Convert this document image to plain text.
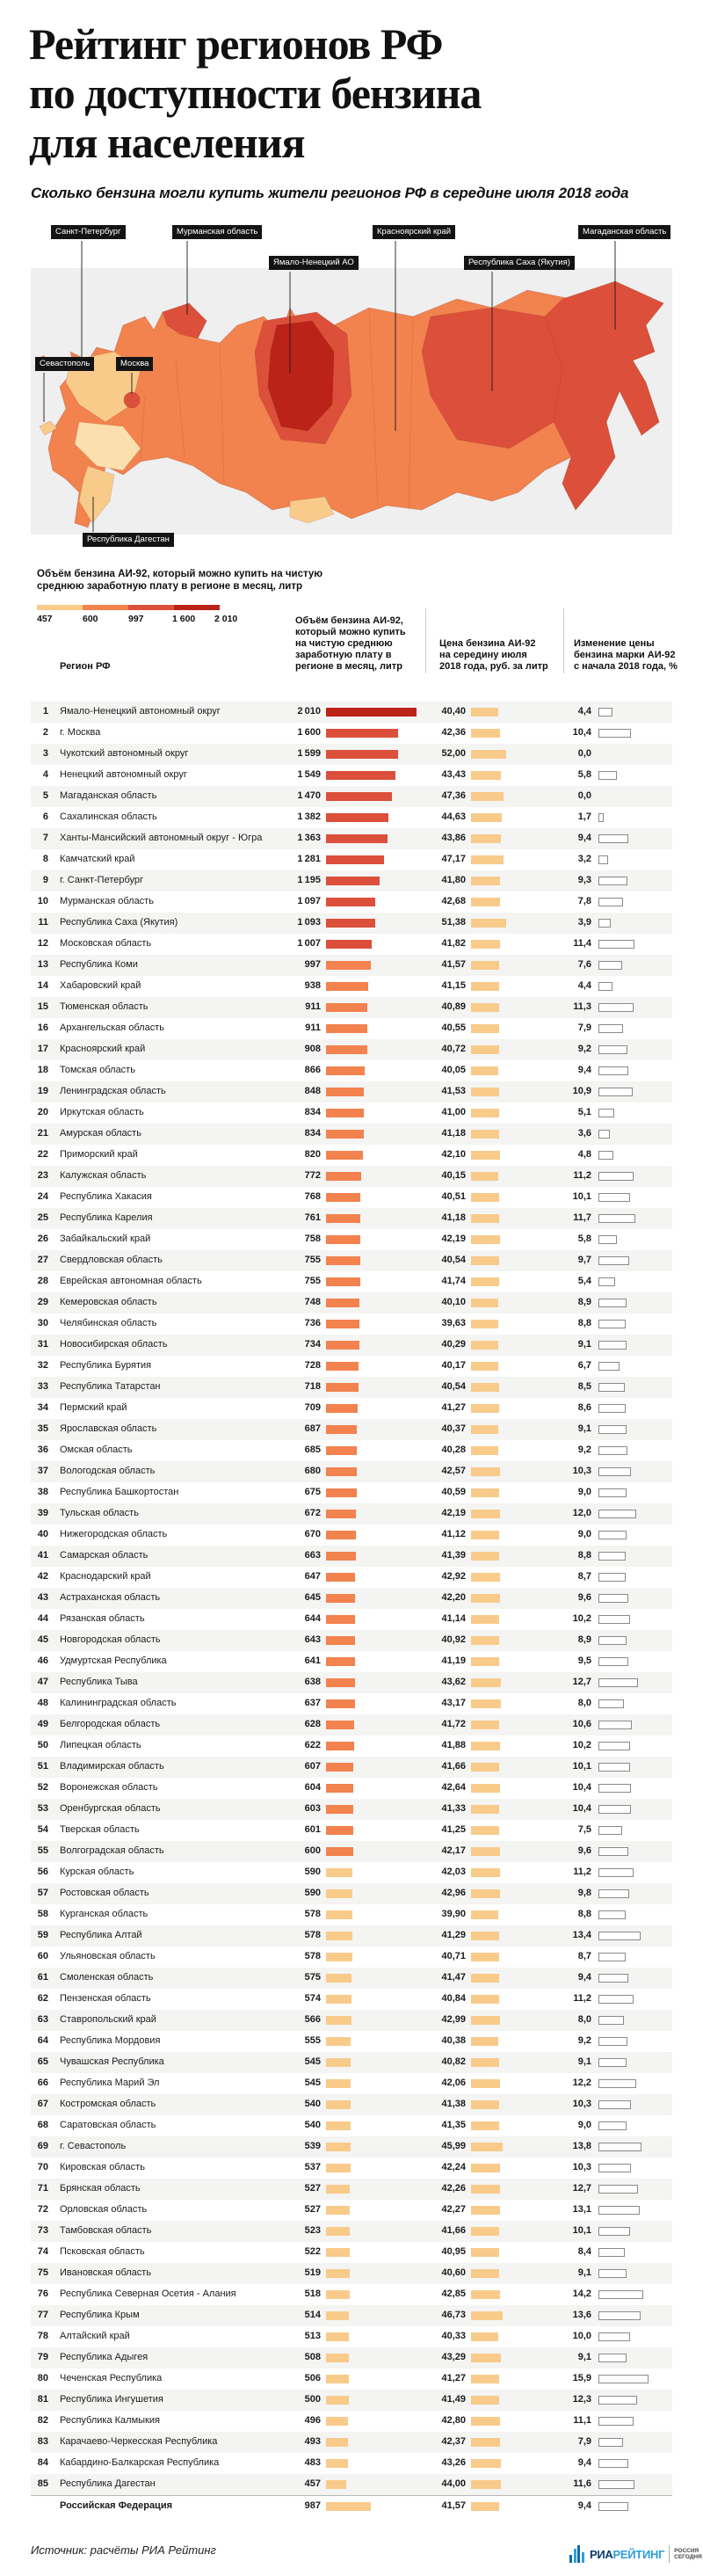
Рейтинг регионов РФ
по доступности бензина
для населения
Сколько бензина могли купить жители регионов РФ в середине июля 2018 года
Санкт-Петербург	Мурманская область	Красноярский край	Магаданская область
Ямало-Ненецкий АО	Республика Саха (Якутия)
Севастополь	Москва
Республика Дагестан
Объём бензина АИ-92, который можно купить на чистую
среднюю заработную плату в регионе в месяц, литр
457	600	997	1 600 2 010
Регион РФ
Объём бензина АИ-92, который можно купить на чистую среднюю заработную плату в регионе в месяц, литр
Цена бензина АИ-92 на середину июля 2018 года, руб. за литр
Изменение цены бензина марки АИ-92 с начала 2018 года, %
1 Ямало-Ненецкий автономный округ	2 010	40,40	4,4
2 г. Москва	1 600	42,36	10,4
3 Чукотский автономный округ	1 599	52,00	0,0
4 Ненецкий автономный округ	1 549	43,43	5,8
5 Магаданская область	1 470	47,36	0,0
6 Сахалинская область	1 382	44,63	1,7
7 Ханты-Мансийский автономный округ - Югра	1 363	43,86	9,4
8 Камчатский край	1 281	47,17	3,2
9 г. Санкт-Петербург	1 195	41,80	9,3
10 Мурманская область	1 097	42,68	7,8
11 Республика Саха (Якутия)	1 093	51,38	3,9
12 Московская область	1 007	41,82	11,4
13 Республика Коми	997	41,57	7,6
14 Хабаровский край	938	41,15	4,4
15 Тюменская область	911	40,89	11,3
16 Архангельская область	911	40,55	7,9
17 Красноярский край	908	40,72	9,2
18 Томская область	866	40,05	9,4
19 Ленинградская область	848	41,53	10,9
20 Иркутская область	834	41,00	5,1
21 Амурская область	834	41,18	3,6
22 Приморский край	820	42,10	4,8
23 Калужская область	772	40,15	11,2
24 Республика Хакасия	768	40,51	10,1
25 Республика Карелия	761	41,18	11,7
26 Забайкальский край	758	42,19	5,8
27 Свердловская область	755	40,54	9,7
28 Еврейская автономная область	755	41,74	5,4
29 Кемеровская область	748	40,10	8,9
30 Челябинская область	736	39,63	8,8
31 Новосибирская область	734	40,29	9,1
32 Республика Бурятия	728	40,17	6,7
33 Республика Татарстан	718	40,54	8,5
34 Пермский край	709	41,27	8,6
35 Ярославская область	687	40,37	9,1
36 Омская область	685	40,28	9,2
37 Вологодская область	680	42,57	10,3
38 Республика Башкортостан	675	40,59	9,0
39 Тульская область	672	42,19	12,0
40 Нижегородская область	670	41,12	9,0
41 Самарская область	663	41,39	8,8
42 Краснодарский край	647	42,92	8,7
43 Астраханская область	645	42,20	9,6
44 Рязанская область	644	41,14	10,2
45 Новгородская область	643	40,92	8,9
46 Удмуртская Республика	641	41,19	9,5
47 Республика Тыва	638	43,62	12,7
48 Калининградская область	637	43,17	8,0
49 Белгородская область	628	41,72	10,6
50 Липецкая область	622	41,88	10,2
51 Владимирская область	607	41,66	10,1
52 Воронежская область	604	42,64	10,4
53 Оренбургская область	603	41,33	10,4
54 Тверская область	601	41,25	7,5
55 Волгоградская область	600	42,17	9,6
56 Курская область	590	42,03	11,2
57 Ростовская область	590	42,96	9,8
58 Курганская область	578	39,90	8,8
59 Республика Алтай	578	41,29	13,4
60 Ульяновская область	578	40,71	8,7
61 Смоленская область	575	41,47	9,4
62 Пензенская область	574	40,84	11,2
63 Ставропольский край	566	42,99	8,0
64 Республика Мордовия	555	40,38	9,2
65 Чувашская Республика	545	40,82	9,1
66 Республика Марий Эл	545	42,06	12,2
67 Костромская область	540	41,38	10,3
68 Саратовская область	540	41,35	9,0
69 г. Севастополь	539	45,99	13,8
70 Кировская область	537	42,24	10,3
71 Брянская область	527	42,26	12,7
72 Орловская область	527	42,27	13,1
73 Тамбовская область	523	41,66	10,1
74 Псковская область	522	40,95	8,4
75 Ивановская область	519	40,60	9,1
76 Республика Северная Осетия - Алания	518	42,85	14,2
77 Республика Крым	514	46,73	13,6
78 Алтайский край	513	40,33	10,0
79 Республика Адыгея	508	43,29	9,1
80 Чеченская Республика	506	41,27	15,9
81 Республика Ингушетия	500	41,49	12,3
82 Республика Калмыкия	496	42,80	11,1
83 Карачаево-Черкесская Республика	493	42,37	7,9
84 Кабардино-Балкарская Республика	483	43,26	9,4
85 Республика Дагестан	457	44,00	11,6
Российская Федерация	987	41,57	9,4
Источник: расчёты РИА Рейтинг	РИА РЕЙТИНГ РОССИЯ
СЕГОДНЯ
